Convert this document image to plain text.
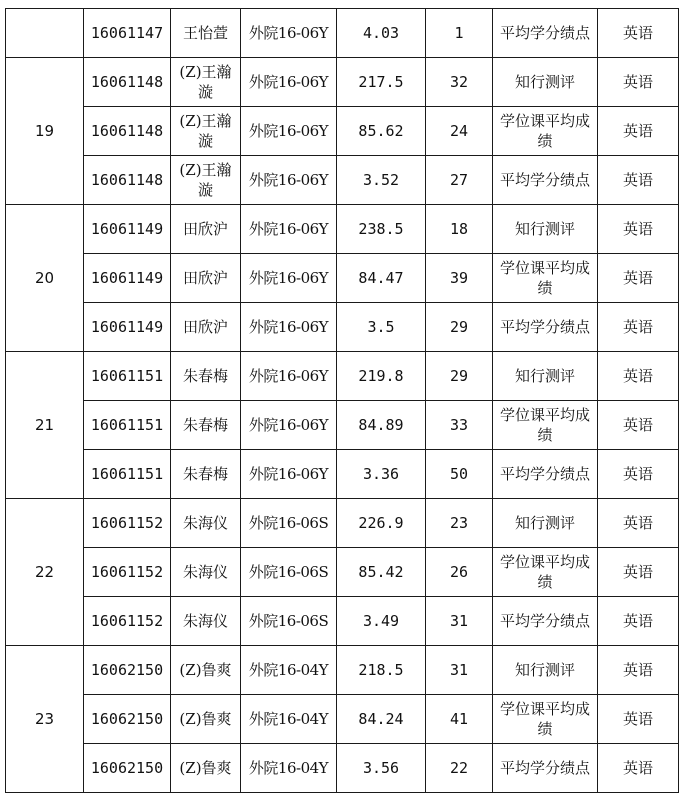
	16061147	王怡萱	外院16-06Y	4.03	1	平均学分绩点	英语
19	16061148	(Z)王瀚漩	外院16-06Y	217.5	32	知行测评	英语
	16061148	(Z)王瀚漩	外院16-06Y	85.62	24	学位课平均成绩	英语
	16061148	(Z)王瀚漩	外院16-06Y	3.52	27	平均学分绩点	英语
20	16061149	田欣沪	外院16-06Y	238.5	18	知行测评	英语
	16061149	田欣沪	外院16-06Y	84.47	39	学位课平均成绩	英语
	16061149	田欣沪	外院16-06Y	3.5	29	平均学分绩点	英语
21	16061151	朱春梅	外院16-06Y	219.8	29	知行测评	英语
	16061151	朱春梅	外院16-06Y	84.89	33	学位课平均成绩	英语
	16061151	朱春梅	外院16-06Y	3.36	50	平均学分绩点	英语
22	16061152	朱海仪	外院16-06S	226.9	23	知行测评	英语
	16061152	朱海仪	外院16-06S	85.42	26	学位课平均成绩	英语
	16061152	朱海仪	外院16-06S	3.49	31	平均学分绩点	英语
23	16062150	(Z)鲁爽	外院16-04Y	218.5	31	知行测评	英语
	16062150	(Z)鲁爽	外院16-04Y	84.24	41	学位课平均成绩	英语
	16062150	(Z)鲁爽	外院16-04Y	3.56	22	平均学分绩点	英语
